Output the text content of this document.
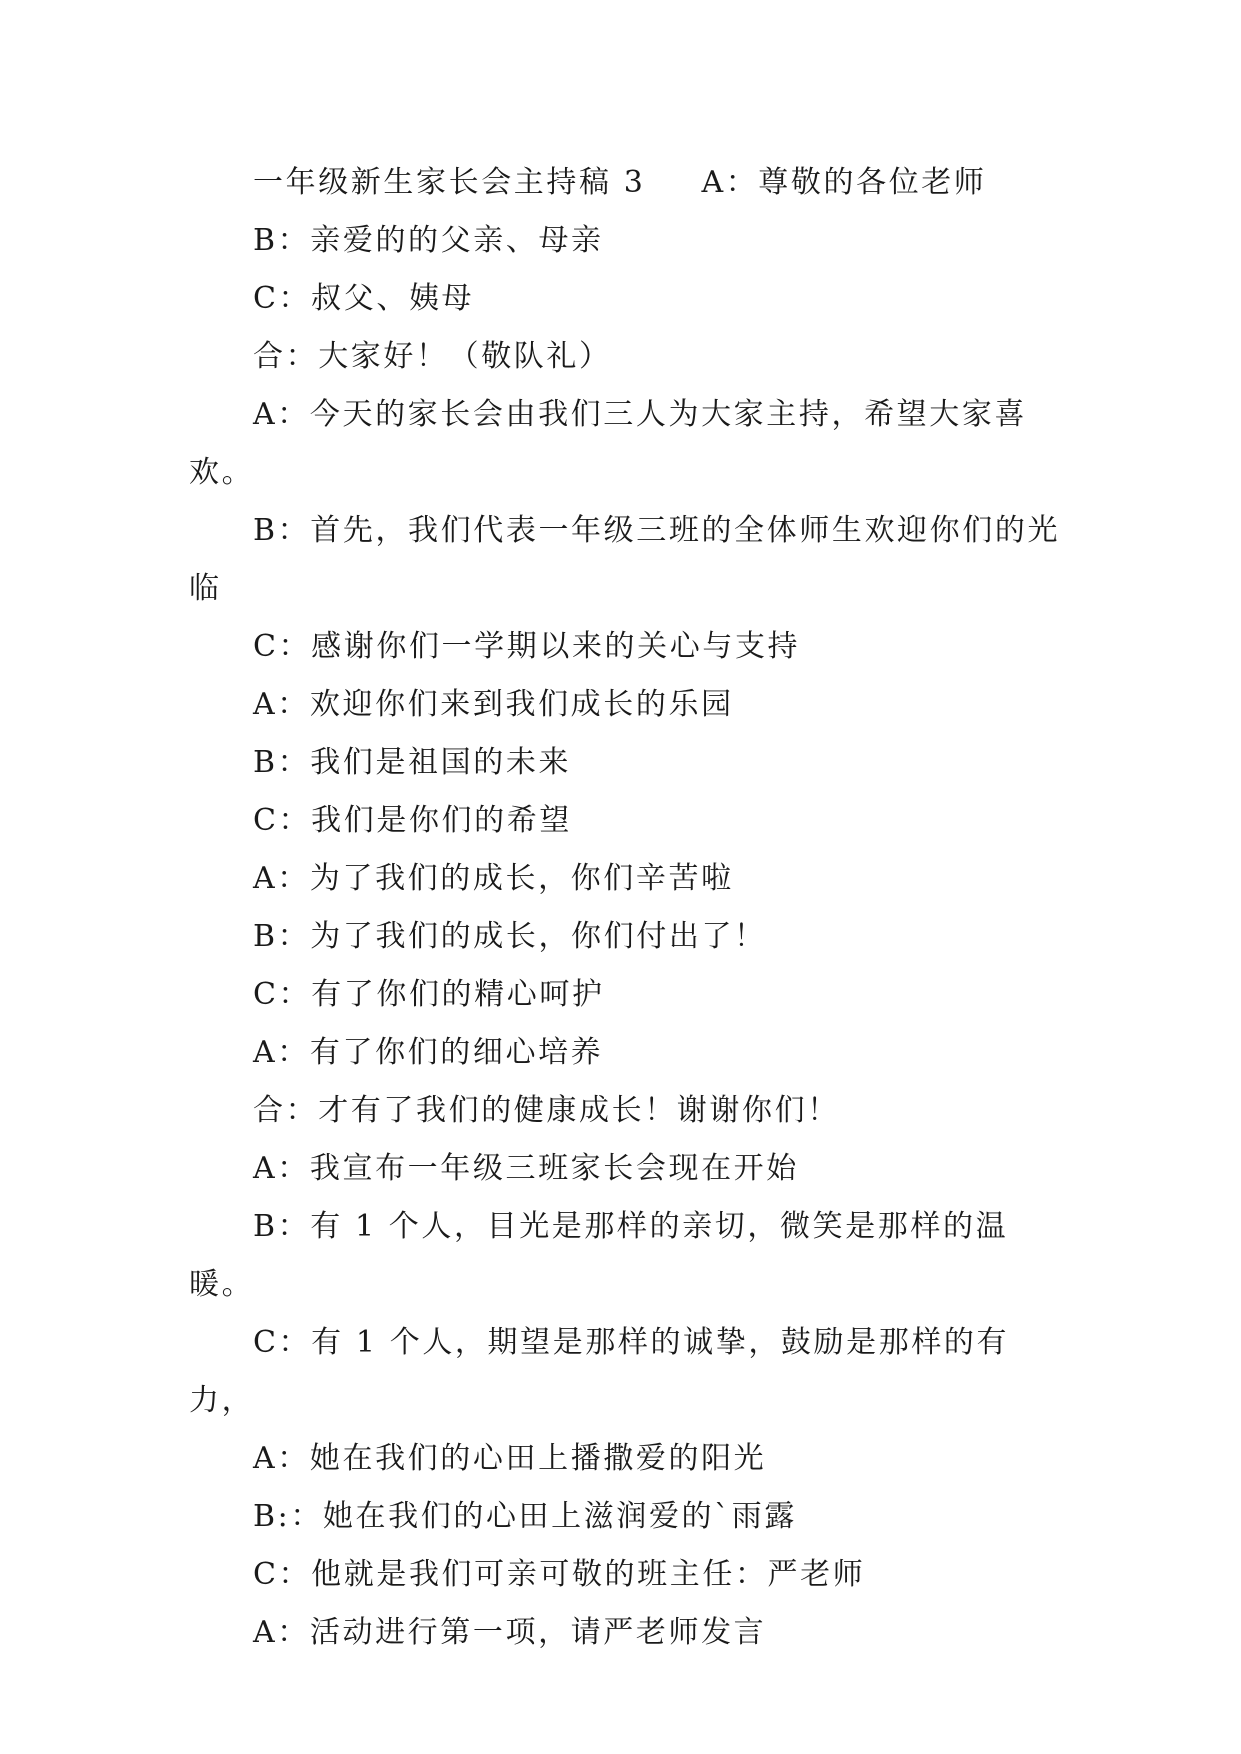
一年级新生家长会主持稿 3 A：尊敬的各位老师

B：亲爱的的父亲、母亲

C：叔父、姨母

合：大家好！（敬队礼）

A：今天的家长会由我们三人为大家主持，希望大家喜欢。

B：首先，我们代表一年级三班的全体师生欢迎你们的光临

C：感谢你们一学期以来的关心与支持

A：欢迎你们来到我们成长的乐园

B：我们是祖国的未来

C：我们是你们的希望

A：为了我们的成长，你们辛苦啦

B：为了我们的成长，你们付出了！

C：有了你们的精心呵护

A：有了你们的细心培养

合：才有了我们的健康成长！谢谢你们！

A：我宣布一年级三班家长会现在开始

B：有 1 个人，目光是那样的亲切，微笑是那样的温暖。

C：有 1 个人，期望是那样的诚挚，鼓励是那样的有力，

A：她在我们的心田上播撒爱的阳光

B:：她在我们的心田上滋润爱的`雨露

C：他就是我们可亲可敬的班主任：严老师

A：活动进行第一项，请严老师发言
